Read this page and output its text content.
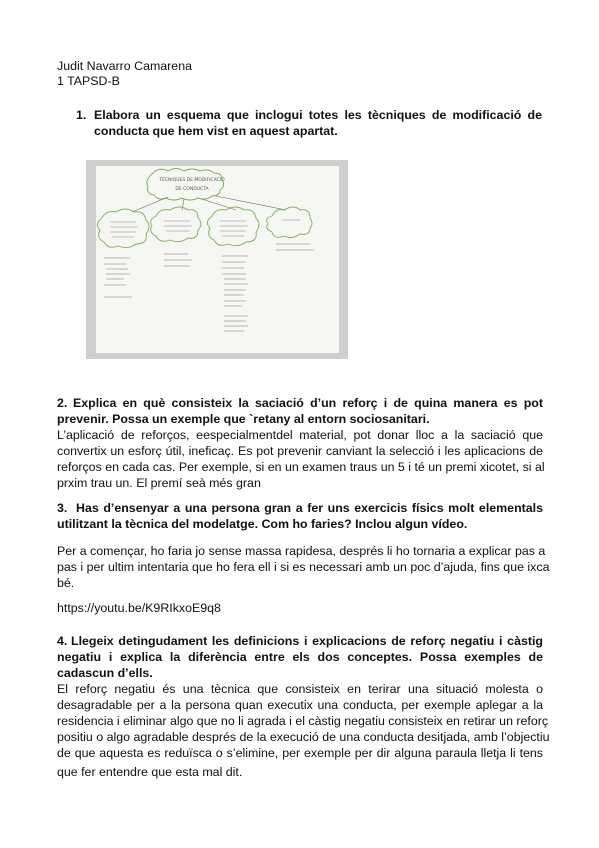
Judit Navarro Camarena
1 TAPSD-B
1. Elabora un esquema que inclogui totes les tècniques de modificació de
conducta que hem vist en aquest apartat.
TÈCNIQUES DE MODIFICACIÓ
DE CONDUCTA
2. Explica en què consisteix la saciació d’un reforç i de quina manera es pot
prevenir. Possa un exemple que `retany al entorn sociosanitari.
L’aplicació de reforços, eespecialmentdel material, pot donar lloc a la saciació que
convertix un esforç útil, ineficaç. Es pot prevenir canviant la selecció i les aplicacions de
reforços en cada cas. Per exemple, si en un examen traus un 5 i té un premi xicotet, si al
prxim trau un. El premí seà més gran
3. Has d’ensenyar a una persona gran a fer uns exercicis físics molt elementals
utilitzant la tècnica del modelatge. Com ho faries? Inclou algun vídeo.
Per a començar, ho faria jo sense massa rapidesa, després li ho tornaria a explicar pas a
pas i per ultim intentaria que ho fera ell i si es necessari amb un poc d’ajuda, fins que ixca
bé.
https://youtu.be/K9RIkxoE9q8
4. Llegeix detingudament les definicions i explicacions de reforç negatiu i càstig
negatiu i explica la diferència entre els dos conceptes. Possa exemples de
cadascun d’ells.
El reforç negatiu és una tècnica que consisteix en terirar una situació molesta o
desagradable per a la persona quan executix una conducta, per exemple aplegar a la
residencia i eliminar algo que no li agrada i el càstig negatiu consisteix en retirar un reforç
positiu o algo agradable després de la execució de una conducta desitjada, amb l’objectiu
de que aquesta es reduïsca o s’elimine, per exemple per dir alguna paraula lletja li tens
que fer entendre que esta mal dit.
